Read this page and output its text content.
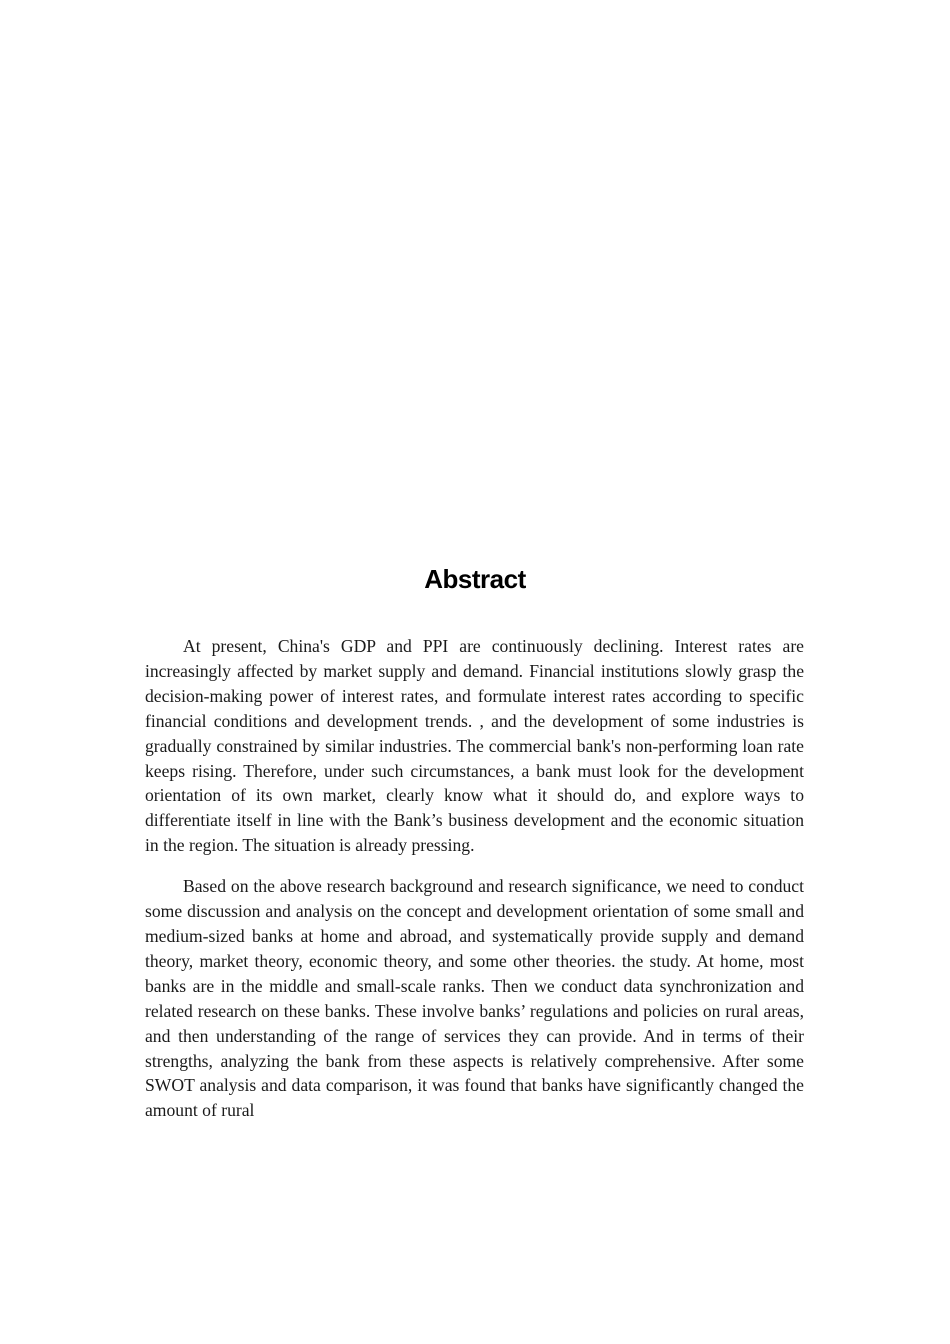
Abstract

At present, China's GDP and PPI are continuously declining. Interest rates are increasingly affected by market supply and demand. Financial institutions slowly grasp the decision-making power of interest rates, and formulate interest rates according to specific financial conditions and development trends. , and the development of some industries is gradually constrained by similar industries. The commercial bank's non-performing loan rate keeps rising. Therefore, under such circumstances, a bank must look for the development orientation of its own market, clearly know what it should do, and explore ways to differentiate itself in line with the Bank’s business development and the economic situation in the region. The situation is already pressing.

Based on the above research background and research significance, we need to conduct some discussion and analysis on the concept and development orientation of some small and medium-sized banks at home and abroad, and systematically provide supply and demand theory, market theory, economic theory, and some other theories. the study. At home, most banks are in the middle and small-scale ranks. Then we conduct data synchronization and related research on these banks. These involve banks’ regulations and policies on rural areas, and then understanding of the range of services they can provide. And in terms of their strengths, analyzing the bank from these aspects is relatively comprehensive. After some SWOT analysis and data comparison, it was found that banks have significantly changed the amount of rural
